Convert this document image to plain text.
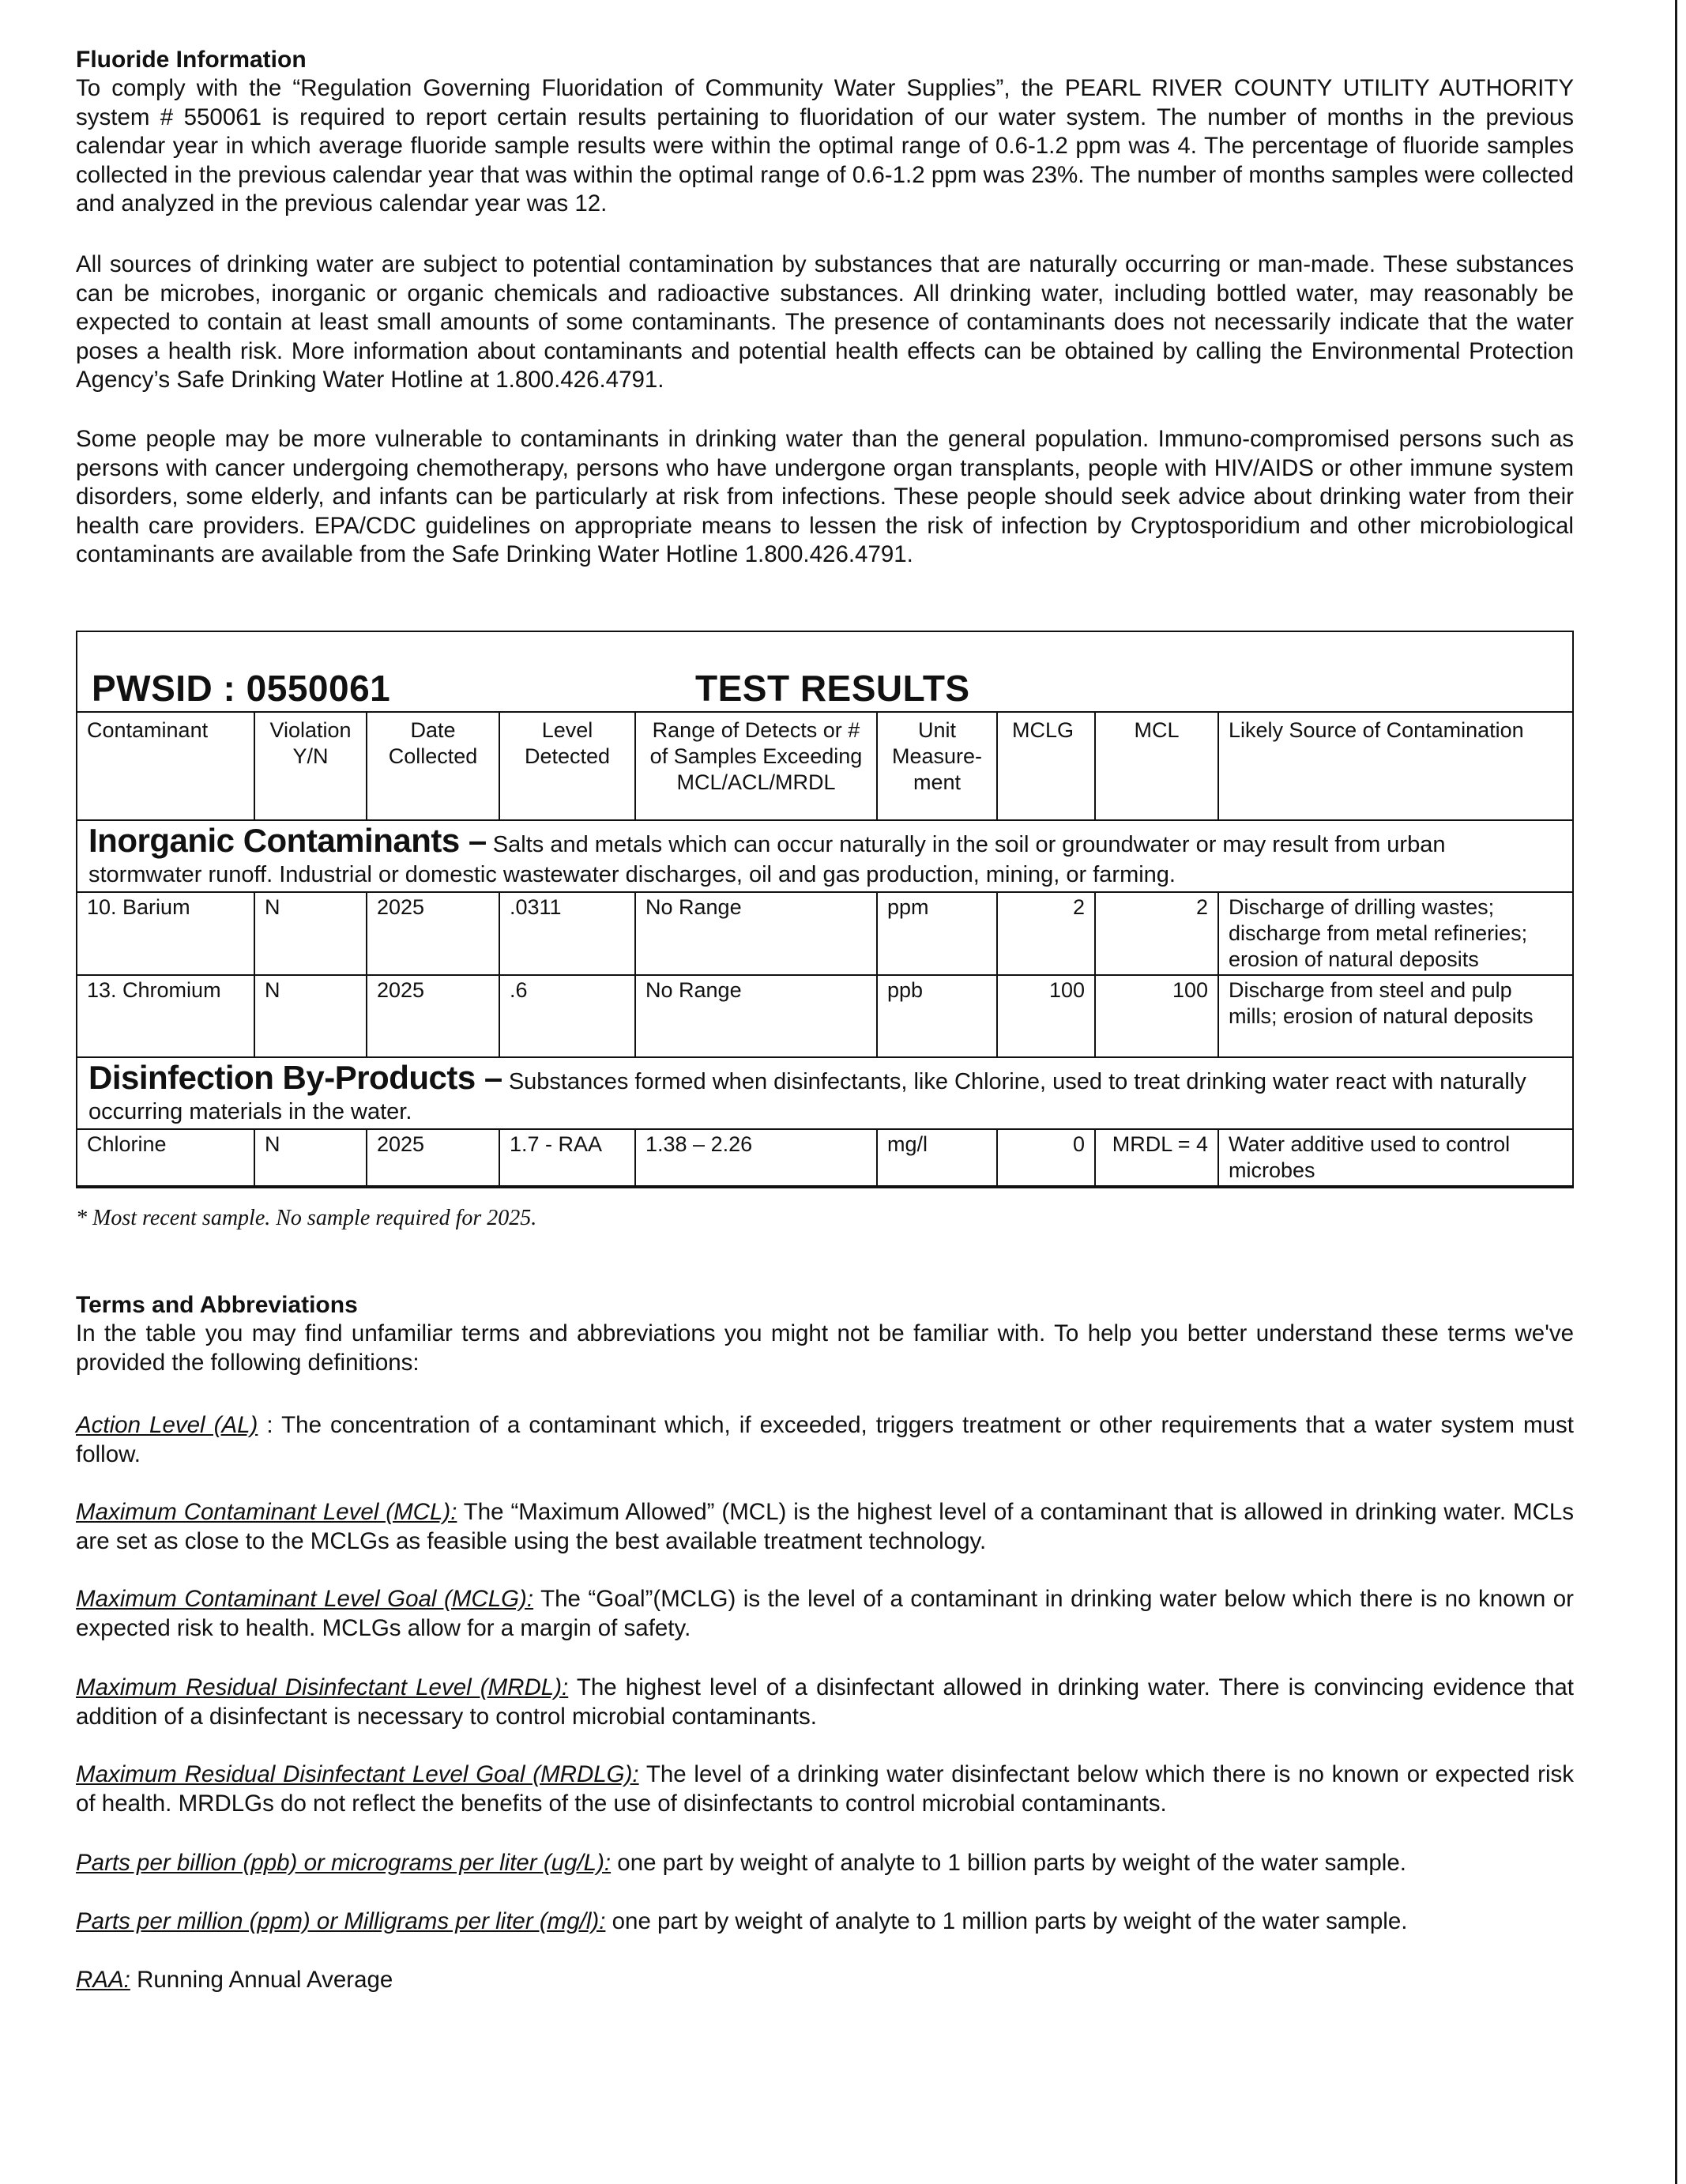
Fluoride Information

To comply with the “Regulation Governing Fluoridation of Community Water Supplies”, the PEARL RIVER COUNTY UTILITY AUTHORITY system # 550061 is required to report certain results pertaining to fluoridation of our water system. The number of months in the previous calendar year in which average fluoride sample results were within the optimal range of 0.6-1.2 ppm was 4. The percentage of fluoride samples collected in the previous calendar year that was within the optimal range of 0.6-1.2 ppm was 23%. The number of months samples were collected and analyzed in the previous calendar year was 12.

All sources of drinking water are subject to potential contamination by substances that are naturally occurring or man-made. These substances can be microbes, inorganic or organic chemicals and radioactive substances. All drinking water, including bottled water, may reasonably be expected to contain at least small amounts of some contaminants. The presence of contaminants does not necessarily indicate that the water poses a health risk. More information about contaminants and potential health effects can be obtained by calling the Environmental Protection Agency’s Safe Drinking Water Hotline at 1.800.426.4791.

Some people may be more vulnerable to contaminants in drinking water than the general population. Immuno-compromised persons such as persons with cancer undergoing chemotherapy, persons who have undergone organ transplants, people with HIV/AIDS or other immune system disorders, some elderly, and infants can be particularly at risk from infections. These people should seek advice about drinking water from their health care providers. EPA/CDC guidelines on appropriate means to lessen the risk of infection by Cryptosporidium and other microbiological contaminants are available from the Safe Drinking Water Hotline 1.800.426.4791.

PWSID : 0550061	TEST RESULTS
Contaminant	Violation Y/N	Date Collected	Level Detected	Range of Detects or # of Samples Exceeding MCL/ACL/MRDL	Unit Measure-ment	MCLG	MCL	Likely Source of Contamination
Inorganic Contaminants – Salts and metals which can occur naturally in the soil or groundwater or may result from urban stormwater runoff. Industrial or domestic wastewater discharges, oil and gas production, mining, or farming.								
10. Barium	N	2025	.0311	No Range	ppm	2	2	Discharge of drilling wastes; discharge from metal refineries; erosion of natural deposits
13. Chromium	N	2025	.6	No Range	ppb	100	100	Discharge from steel and pulp mills; erosion of natural deposits
Disinfection By-Products – Substances formed when disinfectants, like Chlorine, used to treat drinking water react with naturally occurring materials in the water.								
Chlorine	N	2025	1.7 - RAA	1.38 – 2.26	mg/l	0	MRDL = 4	Water additive used to control microbes
* Most recent sample. No sample required for 2025.
Terms and Abbreviations

In the table you may find unfamiliar terms and abbreviations you might not be familiar with. To help you better understand these terms we've provided the following definitions:

Action Level (AL) : The concentration of a contaminant which, if exceeded, triggers treatment or other requirements that a water system must follow.

Maximum Contaminant Level (MCL): The “Maximum Allowed” (MCL) is the highest level of a contaminant that is allowed in drinking water. MCLs are set as close to the MCLGs as feasible using the best available treatment technology.

Maximum Contaminant Level Goal (MCLG): The “Goal”(MCLG) is the level of a contaminant in drinking water below which there is no known or expected risk to health. MCLGs allow for a margin of safety.

Maximum Residual Disinfectant Level (MRDL): The highest level of a disinfectant allowed in drinking water. There is convincing evidence that addition of a disinfectant is necessary to control microbial contaminants.

Maximum Residual Disinfectant Level Goal (MRDLG): The level of a drinking water disinfectant below which there is no known or expected risk of health. MRDLGs do not reflect the benefits of the use of disinfectants to control microbial contaminants.

Parts per billion (ppb) or micrograms per liter (ug/L): one part by weight of analyte to 1 billion parts by weight of the water sample.

Parts per million (ppm) or Milligrams per liter (mg/l): one part by weight of analyte to 1 million parts by weight of the water sample.

RAA: Running Annual Average
